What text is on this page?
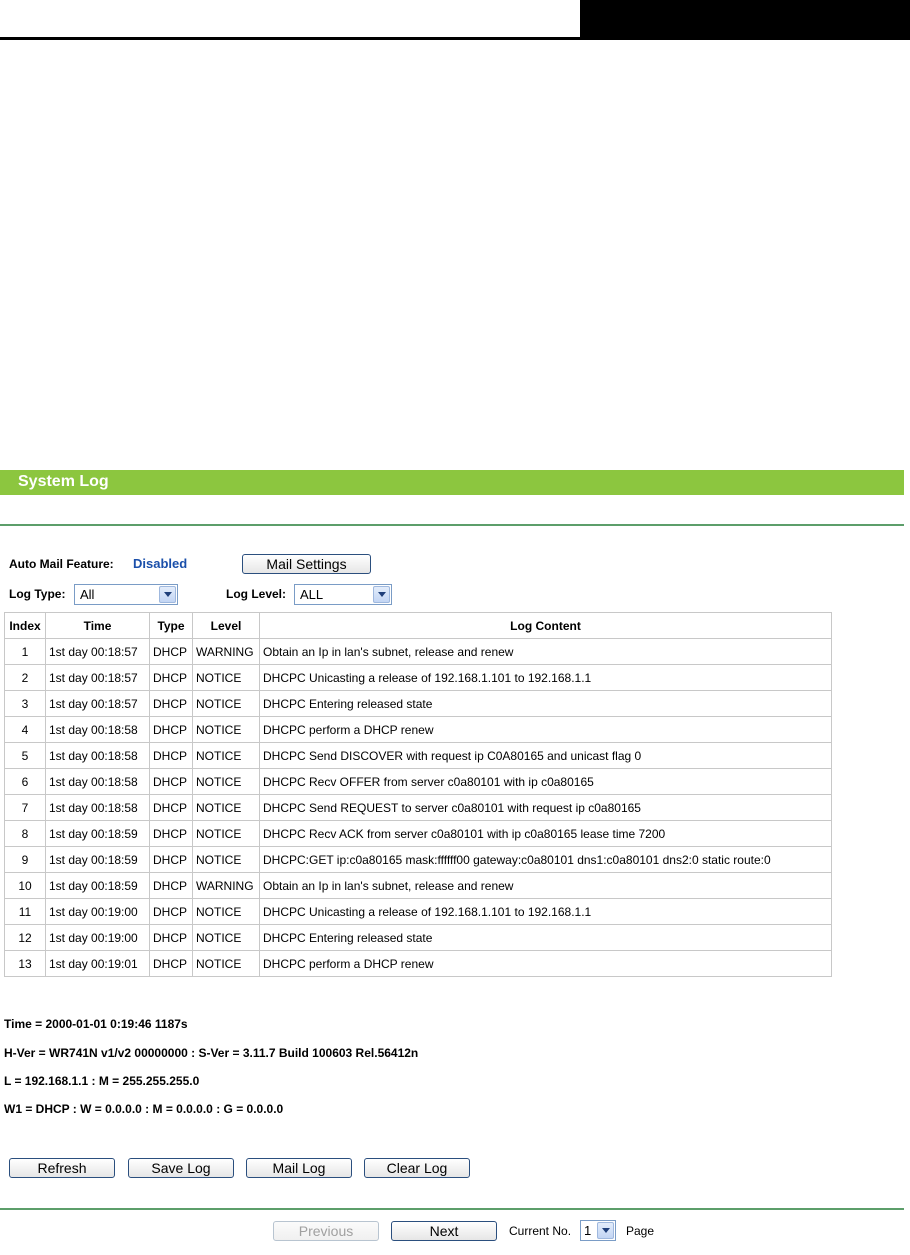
System Log
Auto Mail Feature: Disabled	Mail Settings
Log Type: All	Log Level: ALL
Index	Time	Type	Level	Log Content
1	1st day 00:18:57	DHCP	WARNING	Obtain an Ip in lan's subnet, release and renew
2	1st day 00:18:57	DHCP	NOTICE	DHCPC Unicasting a release of 192.168.1.101 to 192.168.1.1
3	1st day 00:18:57	DHCP	NOTICE	DHCPC Entering released state
4	1st day 00:18:58	DHCP	NOTICE	DHCPC perform a DHCP renew
5	1st day 00:18:58	DHCP	NOTICE	DHCPC Send DISCOVER with request ip C0A80165 and unicast flag 0
6	1st day 00:18:58	DHCP	NOTICE	DHCPC Recv OFFER from server c0a80101 with ip c0a80165
7	1st day 00:18:58	DHCP	NOTICE	DHCPC Send REQUEST to server c0a80101 with request ip c0a80165
8	1st day 00:18:59	DHCP	NOTICE	DHCPC Recv ACK from server c0a80101 with ip c0a80165 lease time 7200
9	1st day 00:18:59	DHCP	NOTICE	DHCPC:GET ip:c0a80165 mask:ffffff00 gateway:c0a80101 dns1:c0a80101 dns2:0 static route:0
10	1st day 00:18:59	DHCP	WARNING	Obtain an Ip in lan's subnet, release and renew
11	1st day 00:19:00	DHCP	NOTICE	DHCPC Unicasting a release of 192.168.1.101 to 192.168.1.1
12	1st day 00:19:00	DHCP	NOTICE	DHCPC Entering released state
13	1st day 00:19:01	DHCP	NOTICE	DHCPC perform a DHCP renew
Time = 2000-01-01 0:19:46 1187s
H-Ver = WR741N v1/v2 00000000 : S-Ver = 3.11.7 Build 100603 Rel.56412n
L = 192.168.1.1 : M = 255.255.255.0
W1 = DHCP : W = 0.0.0.0 : M = 0.0.0.0 : G = 0.0.0.0
Refresh	Save Log	Mail Log	Clear Log
Previous	Next	Current No. 1	Page
